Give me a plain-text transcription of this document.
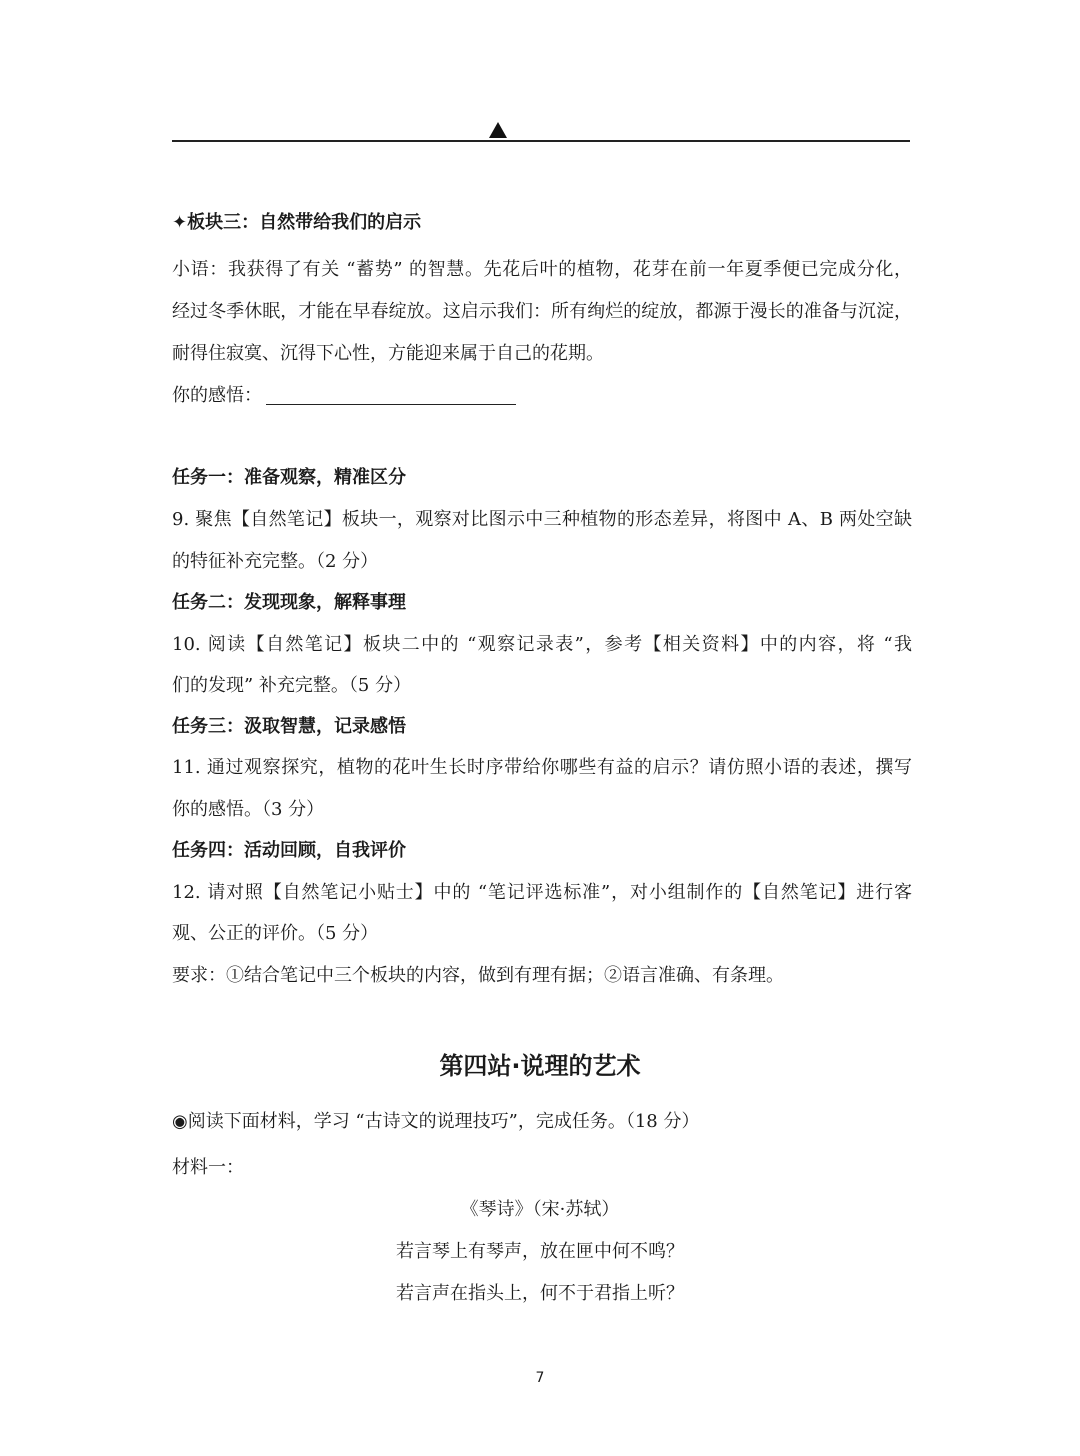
✦板块三：自然带给我们的启示
小语：我获得了有关 “蓄势” 的智慧。先花后叶的植物，花芽在前一年夏季便已完成分化，
经过冬季休眠，才能在早春绽放。这启示我们：所有绚烂的绽放，都源于漫长的准备与沉淀，
耐得住寂寞、沉得下心性，方能迎来属于自己的花期。
你的感悟：
任务一：准备观察，精准区分
9. 聚焦【自然笔记】板块一，观察对比图示中三种植物的形态差异，将图中 A、B 两处空缺
的特征补充完整。（2 分）
任务二：发现现象，解释事理
10. 阅读【自然笔记】板块二中的 “观察记录表”，参考【相关资料】中的内容，将 “我
们的发现” 补充完整。（5 分）
任务三：汲取智慧，记录感悟
11. 通过观察探究，植物的花叶生长时序带给你哪些有益的启示？请仿照小语的表述，撰写
你的感悟。（3 分）
任务四：活动回顾，自我评价
12. 请对照【自然笔记小贴士】中的 “笔记评选标准”，对小组制作的【自然笔记】进行客
观、公正的评价。（5 分）
要求：①结合笔记中三个板块的内容，做到有理有据；②语言准确、有条理。
第四站·说理的艺术
◉阅读下面材料，学习 “古诗文的说理技巧”，完成任务。（18 分）
材料一：
《琴诗》（宋·苏轼）
若言琴上有琴声，放在匣中何不鸣？
若言声在指头上，何不于君指上听？
7
